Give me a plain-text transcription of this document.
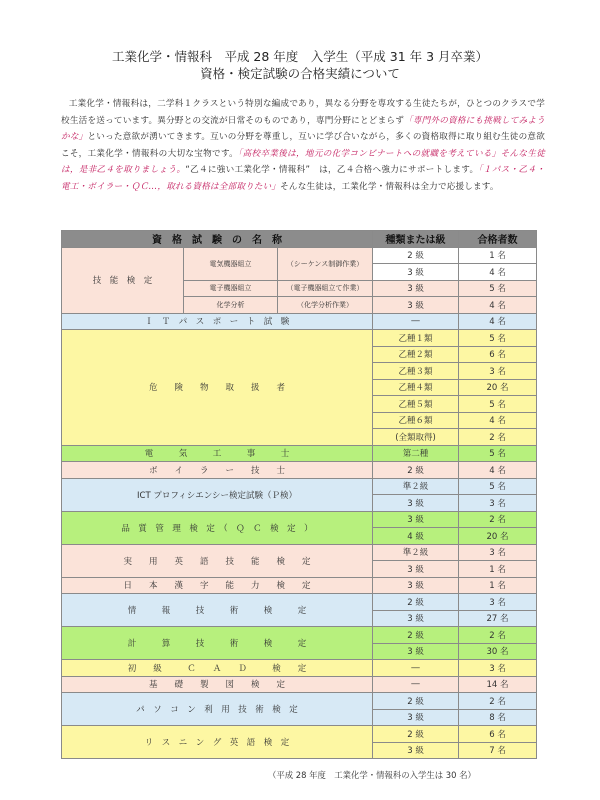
工業化学・情報科　平成 28 年度　入学生（平成 31 年 3 月卒業）
資格・検定試験の合格実績について
工業化学・情報科は，二学科１クラスという特別な編成であり，異なる分野を専攻する生徒たちが，ひとつのクラスで学校生活を送っています。異分野との交流が日常そのものであり，専門分野にとどまらず「専門外の資格にも挑戦してみようかな」といった意欲が湧いてきます。互いの分野を尊重し，互いに学び合いながら，多くの資格取得に取り組む生徒の意欲こそ，工業化学・情報科の大切な宝物です。「高校卒業後は，地元の化学コンビナートへの就職を考えている」そんな生徒は，是非乙４を取りましょう。“乙４に強い工業化学・情報科”　は，乙４合格へ強力にサポートします。「１パス・乙４・電工・ボイラー・ＱＣ…，取れる資格は全部取りたい」そんな生徒は，工業化学・情報科は全力で応援します。
資　格　試　験　の　名　称			種類または級	合格者数
技　能　検　定	電気機器組立	（シーケンス制御作業）	2 級	1 名
			3 級	4 名
	電子機器組立	（電子機器組立て作業）	3 級	5 名
	化学分析	（化学分析作業）	3 級	4 名
Ｉ　Ｔ　パ　ス　ポ　ー　ト　試　験			―	4 名
危　　険　　物　　取　　扱　　者			乙種１類	5 名
			乙種２類	6 名
			乙種３類	3 名
			乙種４類	20 名
			乙種５類	5 名
			乙種６類	4 名
			(全類取得)	2 名
電　　　気　　　工　　　事　　　士			第二種	5 名
ボ　　イ　　ラ　　ー　　技　　士			2 級	4 名
ICT プロフィシエンシー検定試験（Ｐ検）			準２級	5 名
			3 級	3 名
品　質　管　理　検　定　（　Ｑ　Ｃ　検　定　）			3 級	2 名
			4 級	20 名
実　　用　　英　　語　　技　　能　　検　　定			準２級	3 名
			3 級	1 名
日　　本　　漢　　字　　能　　力　　検　　定			3 級	1 名
情　　　報　　　技　　　術　　　検　　　定			2 級	3 名
			3 級	27 名
計　　　算　　　技　　　術　　　検　　　定			2 級	2 名
			3 級	30 名
初　　級　　　Ｃ　　Ａ　　Ｄ　　　検　　定			―	3 名
基　　礎　　製　　図　　検　　定			―	14 名
パ　ソ　コ　ン　利　用　技　術　検　定			2 級	2 名
			3 級	8 名
リ　ス　ニ　ン　グ　英　語　検　定			2 級	6 名
			3 級	7 名
（平成 28 年度　工業化学・情報科の入学生は 30 名）
